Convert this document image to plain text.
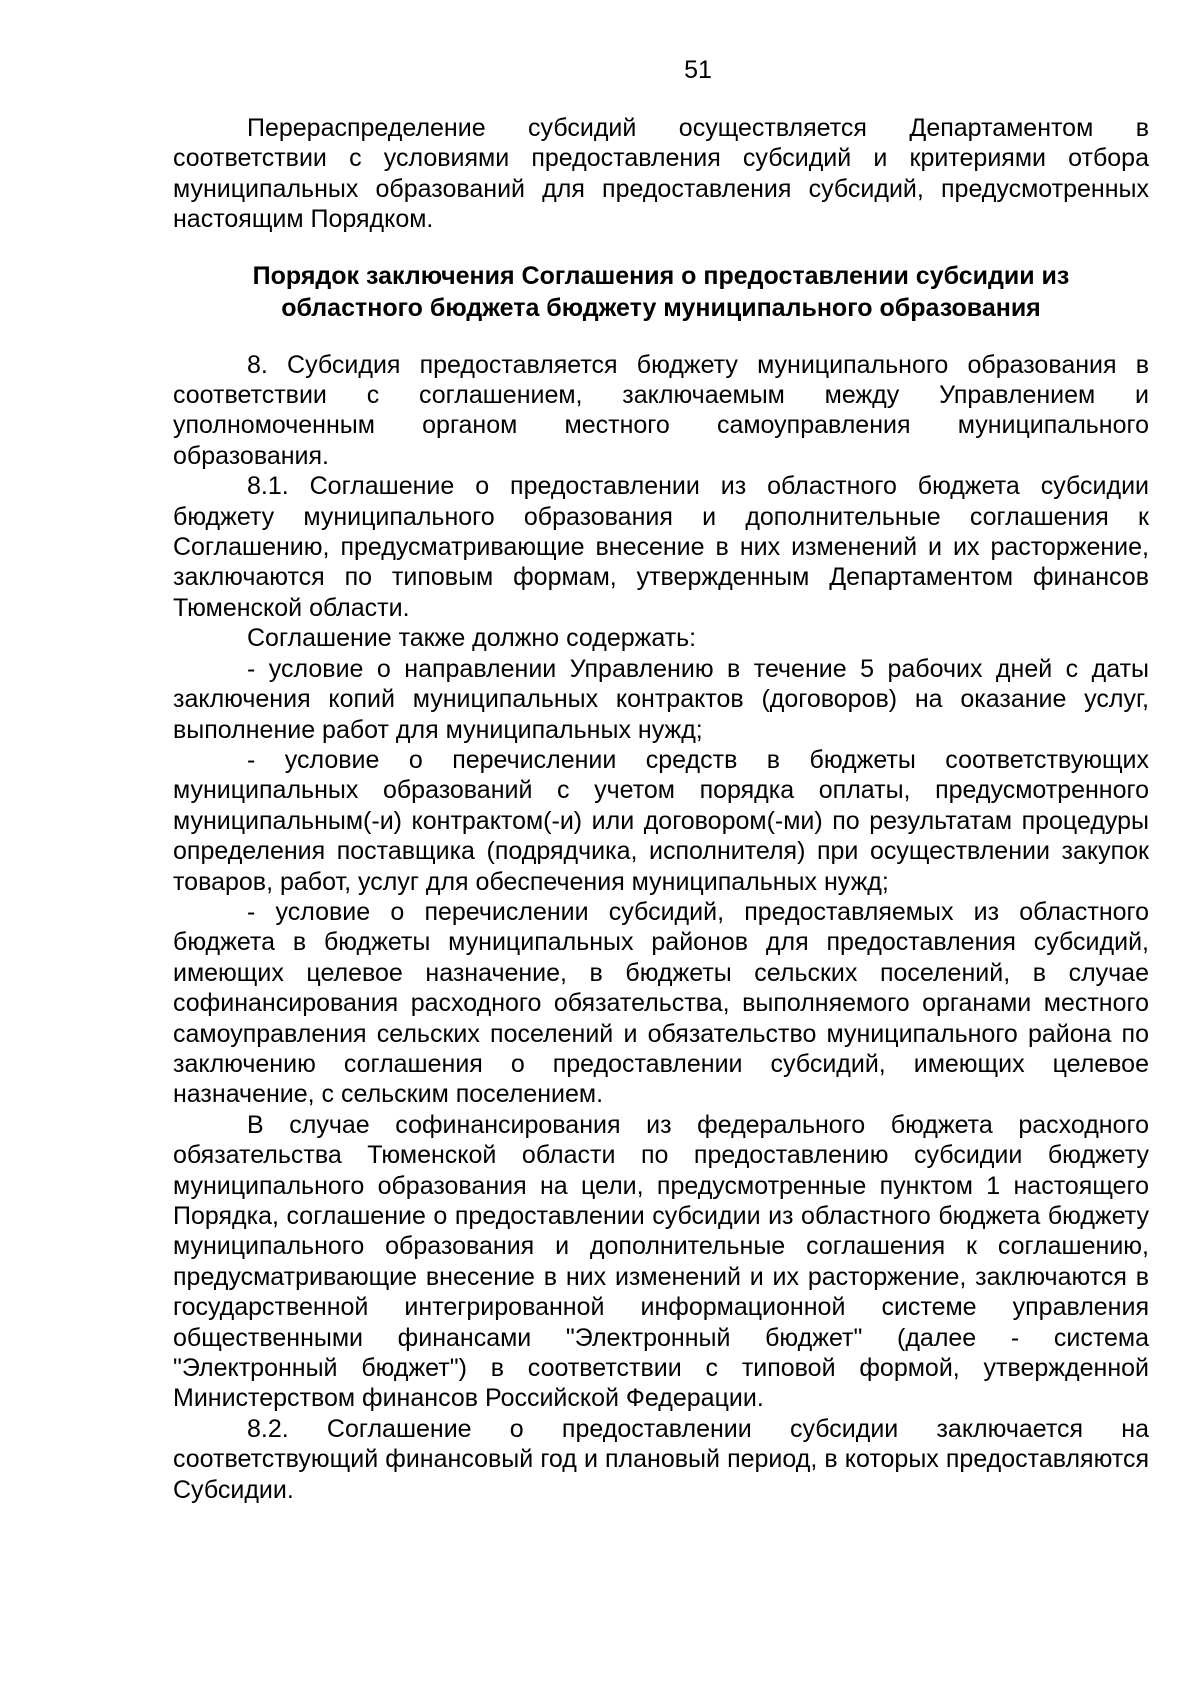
51

Перераспределение субсидий осуществляется Департаментом в соответствии с условиями предоставления субсидий и критериями отбора муниципальных образований для предоставления субсидий, предусмотренных настоящим Порядком.

Порядок заключения Соглашения о предоставлении субсидии из
областного бюджета бюджету муниципального образования

8. Субсидия предоставляется бюджету муниципального образования в соответствии с соглашением, заключаемым между Управлением и уполномоченным органом местного самоуправления муниципального образования.

8.1. Соглашение о предоставлении из областного бюджета субсидии бюджету муниципального образования и дополнительные соглашения к Соглашению, предусматривающие внесение в них изменений и их расторжение, заключаются по типовым формам, утвержденным Департаментом финансов Тюменской области.

Соглашение также должно содержать:

- условие о направлении Управлению в течение 5 рабочих дней с даты заключения копий муниципальных контрактов (договоров) на оказание услуг, выполнение работ для муниципальных нужд;

- условие о перечислении средств в бюджеты соответствующих муниципальных образований с учетом порядка оплаты, предусмотренного муниципальным(-и) контрактом(-и) или договором(-ми) по результатам процедуры определения поставщика (подрядчика, исполнителя) при осуществлении закупок товаров, работ, услуг для обеспечения муниципальных нужд;

- условие о перечислении субсидий, предоставляемых из областного бюджета в бюджеты муниципальных районов для предоставления субсидий, имеющих целевое назначение, в бюджеты сельских поселений, в случае софинансирования расходного обязательства, выполняемого органами местного самоуправления сельских поселений и обязательство муниципального района по заключению соглашения о предоставлении субсидий, имеющих целевое назначение, с сельским поселением.

В случае софинансирования из федерального бюджета расходного обязательства Тюменской области по предоставлению субсидии бюджету муниципального образования на цели, предусмотренные пунктом 1 настоящего Порядка, соглашение о предоставлении субсидии из областного бюджета бюджету муниципального образования и дополнительные соглашения к соглашению, предусматривающие внесение в них изменений и их расторжение, заключаются в государственной интегрированной информационной системе управления общественными финансами "Электронный бюджет" (далее - система "Электронный бюджет") в соответствии с типовой формой, утвержденной Министерством финансов Российской Федерации.

8.2. Соглашение о предоставлении субсидии заключается на соответствующий финансовый год и плановый период, в которых предоставляются Субсидии.
